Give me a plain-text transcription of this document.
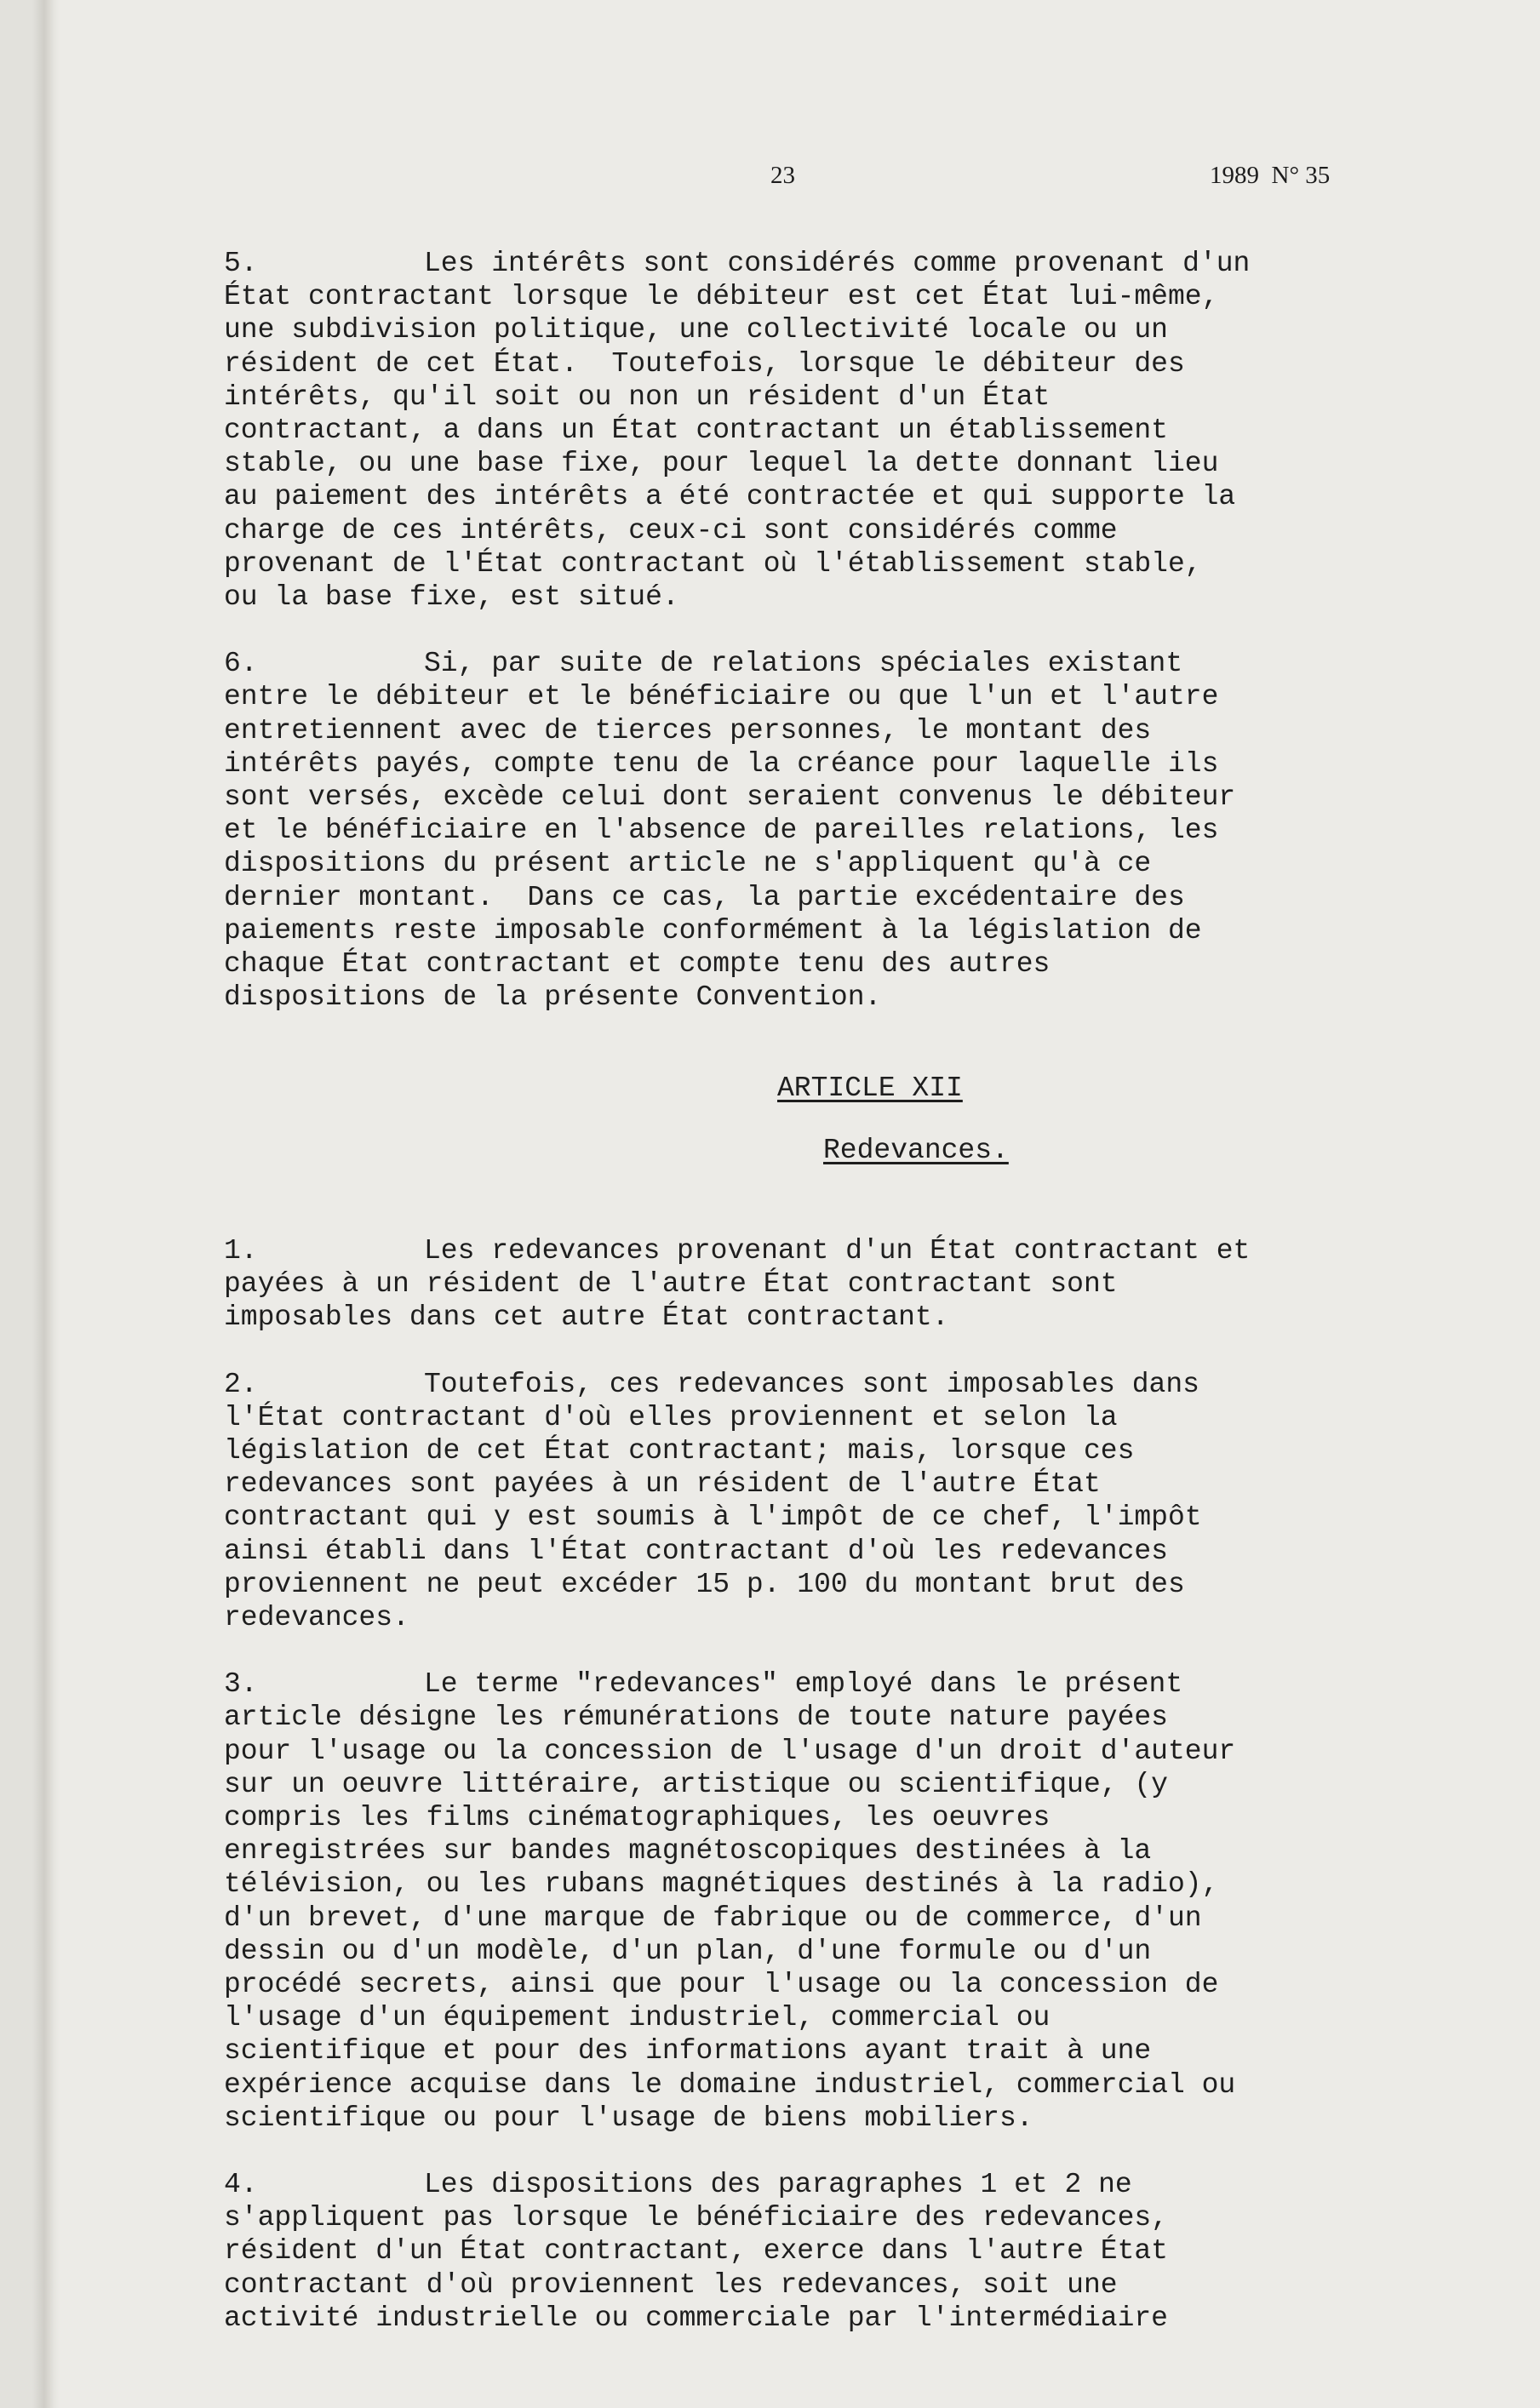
23	1989  N° 35
5.	Les intérêts sont considérés comme provenant d'un
État contractant lorsque le débiteur est cet État lui-même,
une subdivision politique, une collectivité locale ou un
résident de cet État.  Toutefois, lorsque le débiteur des
intérêts, qu'il soit ou non un résident d'un État
contractant, a dans un État contractant un établissement
stable, ou une base fixe, pour lequel la dette donnant lieu
au paiement des intérêts a été contractée et qui supporte la
charge de ces intérêts, ceux-ci sont considérés comme
provenant de l'État contractant où l'établissement stable,
ou la base fixe, est situé.
6.	Si, par suite de relations spéciales existant
entre le débiteur et le bénéficiaire ou que l'un et l'autre
entretiennent avec de tierces personnes, le montant des
intérêts payés, compte tenu de la créance pour laquelle ils
sont versés, excède celui dont seraient convenus le débiteur
et le bénéficiaire en l'absence de pareilles relations, les
dispositions du présent article ne s'appliquent qu'à ce
dernier montant.  Dans ce cas, la partie excédentaire des
paiements reste imposable conformément à la législation de
chaque État contractant et compte tenu des autres
dispositions de la présente Convention.
ARTICLE XII
Redevances.
1.	Les redevances provenant d'un État contractant et
payées à un résident de l'autre État contractant sont
imposables dans cet autre État contractant.
2.	Toutefois, ces redevances sont imposables dans
l'État contractant d'où elles proviennent et selon la
législation de cet État contractant; mais, lorsque ces
redevances sont payées à un résident de l'autre État
contractant qui y est soumis à l'impôt de ce chef, l'impôt
ainsi établi dans l'État contractant d'où les redevances
proviennent ne peut excéder 15 p. 100 du montant brut des
redevances.
3.	Le terme "redevances" employé dans le présent
article désigne les rémunérations de toute nature payées
pour l'usage ou la concession de l'usage d'un droit d'auteur
sur un oeuvre littéraire, artistique ou scientifique, (y
compris les films cinématographiques, les oeuvres
enregistrées sur bandes magnétoscopiques destinées à la
télévision, ou les rubans magnétiques destinés à la radio),
d'un brevet, d'une marque de fabrique ou de commerce, d'un
dessin ou d'un modèle, d'un plan, d'une formule ou d'un
procédé secrets, ainsi que pour l'usage ou la concession de
l'usage d'un équipement industriel, commercial ou
scientifique et pour des informations ayant trait à une
expérience acquise dans le domaine industriel, commercial ou
scientifique ou pour l'usage de biens mobiliers.
4.	Les dispositions des paragraphes 1 et 2 ne
s'appliquent pas lorsque le bénéficiaire des redevances,
résident d'un État contractant, exerce dans l'autre État
contractant d'où proviennent les redevances, soit une
activité industrielle ou commerciale par l'intermédiaire
